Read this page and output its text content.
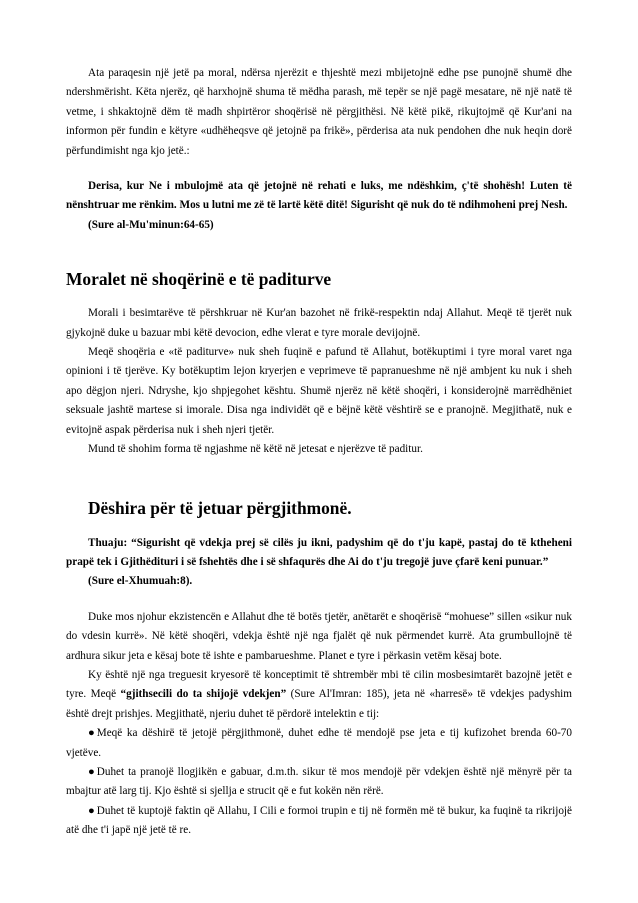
Ata paraqesin një jetë pa moral, ndërsa njerëzit e thjeshtë mezi mbijetojnë edhe pse punojnë shumë dhe ndershmërisht. Këta njerëz, që harxhojnë shuma të mëdha parash, më tepër se një pagë mesatare, në një natë të vetme, i shkaktojnë dëm të madh shpirtëror shoqërisë në përgjithësi. Në këtë pikë, rikujtojmë që Kur'ani na informon për fundin e këtyre «udhëheqsve që jetojnë pa frikë», përderisa ata nuk pendohen dhe nuk heqin dorë përfundimisht nga kjo jetë.:

Derisa, kur Ne i mbulojmë ata që jetojnë në rehati e luks, me ndëshkim, ç'të shohësh! Luten të nënshtruar me rënkim. Mos u lutni me zë të lartë këtë ditë! Sigurisht që nuk do të ndihmoheni prej Nesh.

(Sure al-Mu'minun:64-65)

Moralet në shoqërinë e të paditurve

Morali i besimtarëve të përshkruar në Kur'an bazohet në frikë-respektin ndaj Allahut. Meqë të tjerët nuk gjykojnë duke u bazuar mbi këtë devocion, edhe vlerat e tyre morale devijojnë.

Meqë shoqëria e «të paditurve» nuk sheh fuqinë e pafund të Allahut, botëkuptimi i tyre moral varet nga opinioni i të tjerëve. Ky botëkuptim lejon kryerjen e veprimeve të papranueshme në një ambjent ku nuk i sheh apo dëgjon njeri. Ndryshe, kjo shpjegohet kështu. Shumë njerëz në këtë shoqëri, i konsiderojnë marrëdhëniet seksuale jashtë martese si imorale. Disa nga individët që e bëjnë këtë vështirë se e pranojnë. Megjithatë, nuk e evitojnë aspak përderisa nuk i sheh njeri tjetër.

Mund të shohim forma të ngjashme në këtë në jetesat e njerëzve të paditur.

Dëshira për të jetuar përgjithmonë.

Thuaju: “Sigurisht që vdekja prej së cilës ju ikni, padyshim që do t'ju kapë, pastaj do të ktheheni prapë tek i Gjithëdituri i së fshehtës dhe i së shfaqurës dhe Ai do t'ju tregojë juve çfarë keni punuar.”

(Sure el-Xhumuah:8).

Duke mos njohur ekzistencën e Allahut dhe të botës tjetër, anëtarët e shoqërisë “mohuese” sillen «sikur nuk do vdesin kurrë». Në këtë shoqëri, vdekja është një nga fjalët që nuk përmendet kurrë. Ata grumbullojnë të ardhura sikur jeta e kësaj bote të ishte e pambarueshme. Planet e tyre i përkasin vetëm kësaj bote.

Ky është një nga treguesit kryesorë të konceptimit të shtrembër mbi të cilin mosbesimtarët bazojnë jetët e tyre. Meqë “gjithsecili do ta shijojë vdekjen” (Sure Al'Imran: 185), jeta në «harresë» të vdekjes padyshim është drejt prishjes. Megjithatë, njeriu duhet të përdorë intelektin e tij:

● Meqë ka dëshirë të jetojë përgjithmonë, duhet edhe të mendojë pse jeta e tij kufizohet brenda 60-70 vjetëve.

● Duhet ta pranojë llogjikën e gabuar, d.m.th. sikur të mos mendojë për vdekjen është një mënyrë për ta mbajtur atë larg tij. Kjo është si sjellja e strucit që e fut kokën nën rërë.

● Duhet të kuptojë faktin që Allahu, I Cili e formoi trupin e tij në formën më të bukur, ka fuqinë ta rikrijojë atë dhe t'i japë një jetë të re.
